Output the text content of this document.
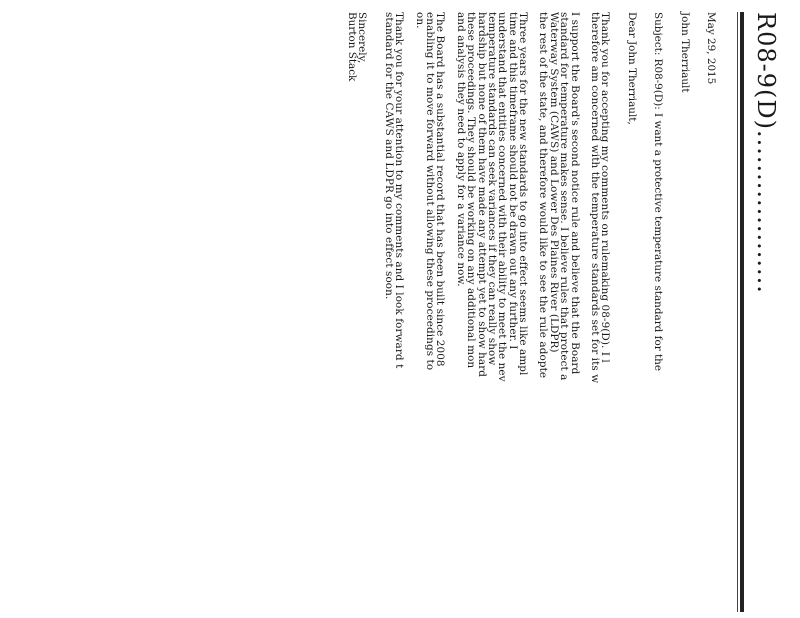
R08-9(D)...................
May 29, 2015
John Therriault
Subject: R08-9(D): I want a protective temperature standard for the
Dear John Therriault,
Thank you for accepting my comments on rulemaking 08-9(D). I l
therefore am concerned with the temperature standards set for its w
I support the Board's second notice rule and believe that the Board
standard for temperature makes sense. I believe rules that protect a
Waterway System (CAWS) and Lower Des Plaines River (LDPR)
the rest of the state, and therefore would like to see the rule adopte
Three years for the new standards to go into effect seems like ampl
time and this timeframe should not be drawn out any further. I
understand that entities concerned with their ability to meet the nev
temperature standards can seek variances if they can really show
hardship but none of them have made any attempt yet to show hard
these proceedings. They should be working on any additional mon
and analysis they need to apply for a variance now.
The Board has a substantial record that has been built since 2008
enabling it to move forward without allowing these proceedings to
on.
Thank you for your attention to my comments and I look forward t
standard for the CAWS and LDPR go into effect soon.
Sincerely,
Burton Stack
